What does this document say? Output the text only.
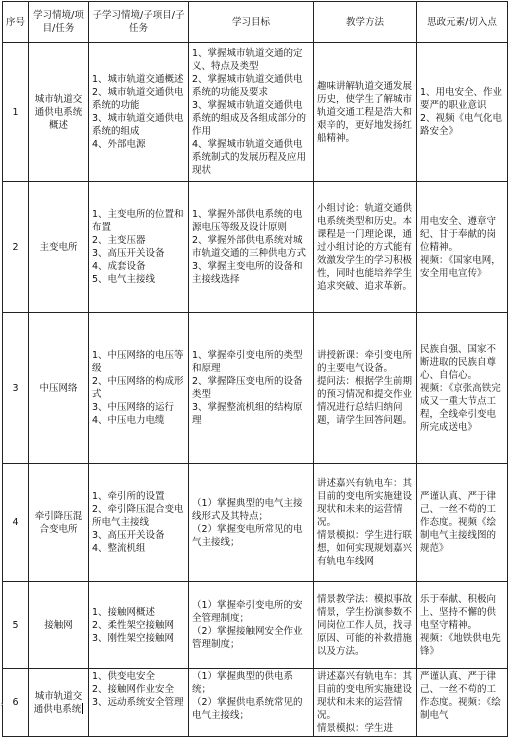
序号	学习情境/项目/任务	子学习情境/子项目/子任务	学习目标	教学方法	思政元素/切入点
1	城市轨道交通供电系统概述	1、城市轨道交通概述
2、城市轨道交通供电系统的功能
3、城市轨道交通供电系统的组成
4、外部电源	1、掌握城市轨道交通的定义、特点及类型
2、掌握城市轨道交通供电系统的功能及要求
3、掌握城市轨道交通供电系统的组成及各组成部分的作用
4、掌握城市轨道交通供电系统制式的发展历程及应用现状	趣味讲解轨道交通发展历史，使学生了解城市轨道交通工程是浩大和艰辛的，更好地发扬红船精神。	1、用电安全、作业要严的职业意识 2、视频《电气化电路安全》

2	主变电所	1、主变电所的位置和布置
2、主变压器
3、高压开关设备
4、成套设备
5、电气主接线	1、掌握外部供电系统的电源电压等级及设计原则
2、掌握外部供电系统对城市轨道交通的三种供电方式
3、掌握主变电所的设备和主接线选择	小组讨论：轨道交通供电系统类型和历史。本课程是一门理论课，通过小组讨论的方式能有效激发学生的学习积极性，同时也能培养学生追求突破、追求革新。	用电安全、遵章守纪、甘于奉献的岗位精神。
视频：《国家电网，安全用电宣传》

3	中压网络	1、中压网络的电压等级
2、中压网络的构成形式
3、中压网络的运行
4、中压电力电缆	1、掌握牵引变电所的类型和原理
2、掌握降压变电所的设备类型
3、掌握整流机组的结构原理	讲授新课：牵引变电所的主要电气设备。
提问法：根据学生前期的预习情况和提交作业情况进行总结归纳问题，请学生回答问题。	民族自强、国家不断进取的民族自尊心、自信心。
视频：《京张高铁完成又一重大节点工程，全线牵引变电所完成送电》

4	牵引降压混合变电所	1、牵引所的设置
2、牵引降压混合变电所电气主接线
3、高压开关设备
4、整流机组	（1）掌握典型的电气主接线形式及其特点；
（2）掌握变电所常见的电气主接线；	讲述嘉兴有轨电车：其目前的变电所实施建设现状和未来的运营情况。
情景模拟：学生进行联想，如何实现规划嘉兴有轨电车线网	严谨认真、严于律己、一丝不苟的工作态度。视频《绘制电气主接线图的规范》

5	接触网	1、接触网概述
2、柔性架空接触网
3、刚性架空接触网	（1）掌握牵引变电所的安全管理制度；
（2）掌握接触网安全作业管理制度；	情景教学法：模拟事故情景，学生扮演参数不同岗位工作人员，找寻原因、可能的补救措施以及方法。	乐于奉献、积极向上、坚持不懈的供电坚守精神。
视频：《地铁供电先锋》

6	城市轨道交通供电系统	1、供变电安全
2、接触网作业安全
3、远动系统安全管理	（1）掌握典型的供电系统；
（2）掌握供电系统常见的电气主接线；	讲述嘉兴有轨电车：其目前的变电所实施建设现状和未来的运营情况。
情景模拟：学生进	严谨认真、严于律己、一丝不苟的工作态度。视频：《绘制电气
›
